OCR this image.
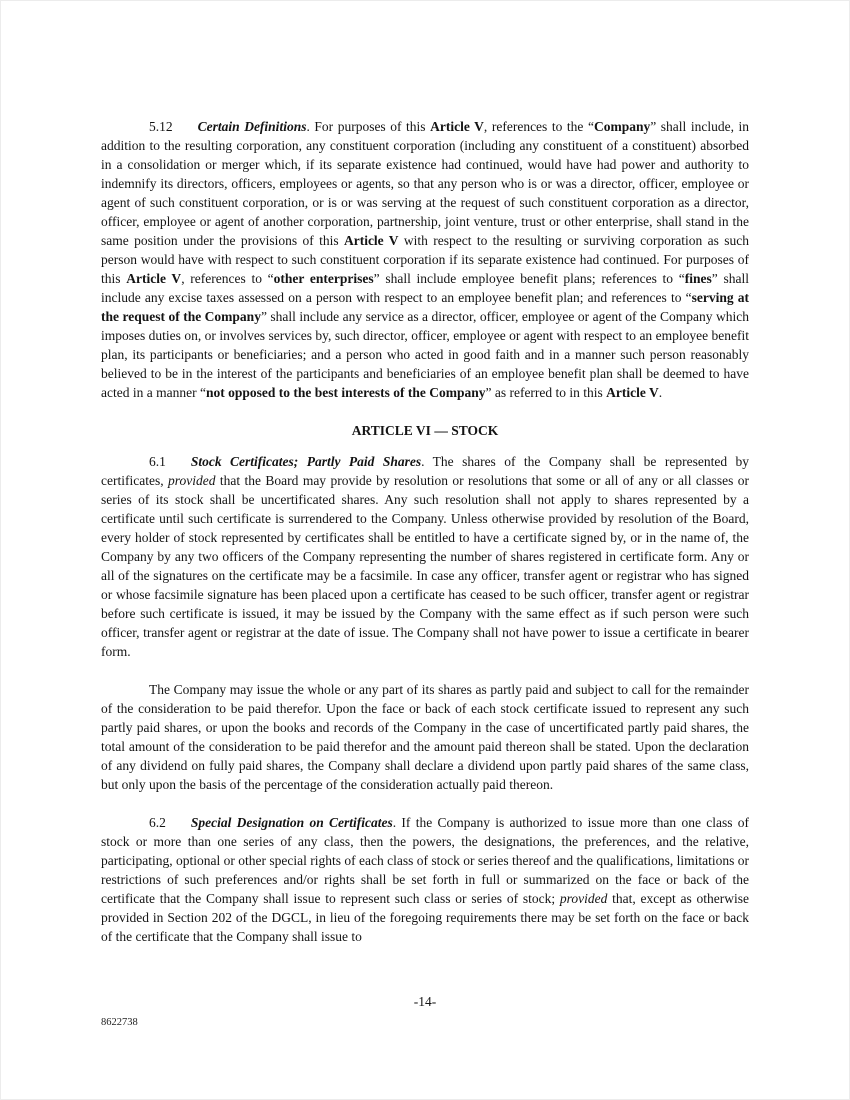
5.12 Certain Definitions. For purposes of this Article V, references to the “Company” shall include, in addition to the resulting corporation, any constituent corporation (including any constituent of a constituent) absorbed in a consolidation or merger which, if its separate existence had continued, would have had power and authority to indemnify its directors, officers, employees or agents, so that any person who is or was a director, officer, employee or agent of such constituent corporation, or is or was serving at the request of such constituent corporation as a director, officer, employee or agent of another corporation, partnership, joint venture, trust or other enterprise, shall stand in the same position under the provisions of this Article V with respect to the resulting or surviving corporation as such person would have with respect to such constituent corporation if its separate existence had continued. For purposes of this Article V, references to “other enterprises” shall include employee benefit plans; references to “fines” shall include any excise taxes assessed on a person with respect to an employee benefit plan; and references to “serving at the request of the Company” shall include any service as a director, officer, employee or agent of the Company which imposes duties on, or involves services by, such director, officer, employee or agent with respect to an employee benefit plan, its participants or beneficiaries; and a person who acted in good faith and in a manner such person reasonably believed to be in the interest of the participants and beneficiaries of an employee benefit plan shall be deemed to have acted in a manner “not opposed to the best interests of the Company” as referred to in this Article V.

ARTICLE VI — STOCK

6.1 Stock Certificates; Partly Paid Shares. The shares of the Company shall be represented by certificates, provided that the Board may provide by resolution or resolutions that some or all of any or all classes or series of its stock shall be uncertificated shares. Any such resolution shall not apply to shares represented by a certificate until such certificate is surrendered to the Company. Unless otherwise provided by resolution of the Board, every holder of stock represented by certificates shall be entitled to have a certificate signed by, or in the name of, the Company by any two officers of the Company representing the number of shares registered in certificate form. Any or all of the signatures on the certificate may be a facsimile. In case any officer, transfer agent or registrar who has signed or whose facsimile signature has been placed upon a certificate has ceased to be such officer, transfer agent or registrar before such certificate is issued, it may be issued by the Company with the same effect as if such person were such officer, transfer agent or registrar at the date of issue. The Company shall not have power to issue a certificate in bearer form.

The Company may issue the whole or any part of its shares as partly paid and subject to call for the remainder of the consideration to be paid therefor. Upon the face or back of each stock certificate issued to represent any such partly paid shares, or upon the books and records of the Company in the case of uncertificated partly paid shares, the total amount of the consideration to be paid therefor and the amount paid thereon shall be stated. Upon the declaration of any dividend on fully paid shares, the Company shall declare a dividend upon partly paid shares of the same class, but only upon the basis of the percentage of the consideration actually paid thereon.

6.2 Special Designation on Certificates. If the Company is authorized to issue more than one class of stock or more than one series of any class, then the powers, the designations, the preferences, and the relative, participating, optional or other special rights of each class of stock or series thereof and the qualifications, limitations or restrictions of such preferences and/or rights shall be set forth in full or summarized on the face or back of the certificate that the Company shall issue to represent such class or series of stock; provided that, except as otherwise provided in Section 202 of the DGCL, in lieu of the foregoing requirements there may be set forth on the face or back of the certificate that the Company shall issue to

-14-
8622738
